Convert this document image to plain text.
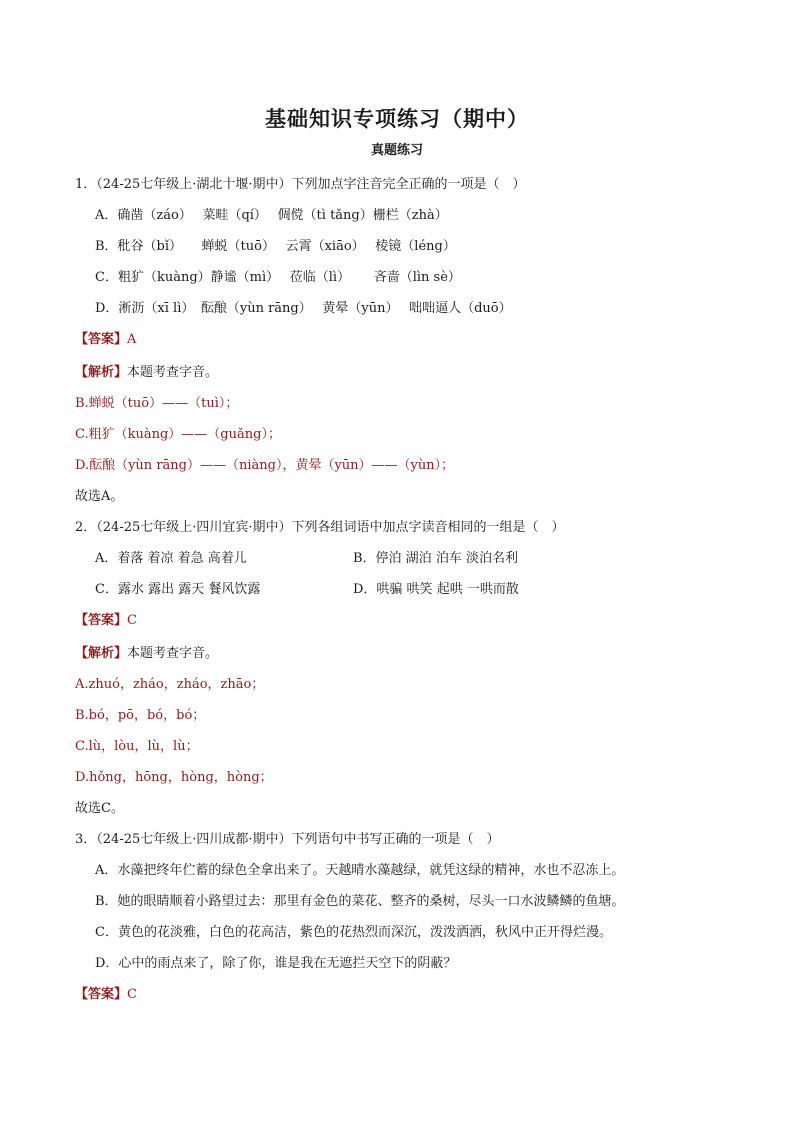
基础知识专项练习（期中）
真题练习
1．（24-25七年级上·湖北十堰·期中）下列加点字注音完全正确的一项是（　）
A．确凿（záo）　 菜畦（qí）　 倜傥（tì tǎng）栅栏（zhà）
B．秕谷（bǐ）　　蝉蜕（tuō）　 云霄（xiāo）　 棱镜（léng）
C．粗犷（kuàng）静谧（mì）　 莅临（lì）　　 吝啬（lìn sè）
D．淅沥（xī lì）　酝酿（yùn rāng）　 黄晕（yūn）　 咄咄逼人（duō）
【答案】A
【解析】本题考查字音。
B.蝉蜕（tuō）——（tuì）；
C.粗犷（kuàng）——（guǎng）；
D.酝酿（yùn rāng）——（niàng），黄晕（yūn）——（yùn）；
故选A。
2．（24-25七年级上·四川宜宾·期中）下列各组词语中加点字读音相同的一组是（　）
A．着落 着凉 着急 高着儿	B．停泊 湖泊 泊车 淡泊名利
C．露水 露出 露天 餐风饮露	D．哄骗 哄笑 起哄 一哄而散
【答案】C
【解析】本题考查字音。
A.zhuó，zháo，zháo，zhāo；
B.bó，pō，bó，bó；
C.lù，lòu，lù，lù；
D.hǒng，hōng，hòng，hòng；
故选C。
3．（24-25七年级上·四川成都·期中）下列语句中书写正确的一项是（　）
A．水藻把终年伫蓄的绿色全拿出来了。天越晴水藻越绿，就凭这绿的精神，水也不忍冻上。
B．她的眼睛顺着小路望过去：那里有金色的菜花、整齐的桑树，尽头一口水波鳞鳞的鱼塘。
C．黄色的花淡雅，白色的花高洁，紫色的花热烈而深沉，泼泼洒洒，秋风中正开得烂漫。
D．心中的雨点来了，除了你，谁是我在无遮拦天空下的阴蔽？
【答案】C
